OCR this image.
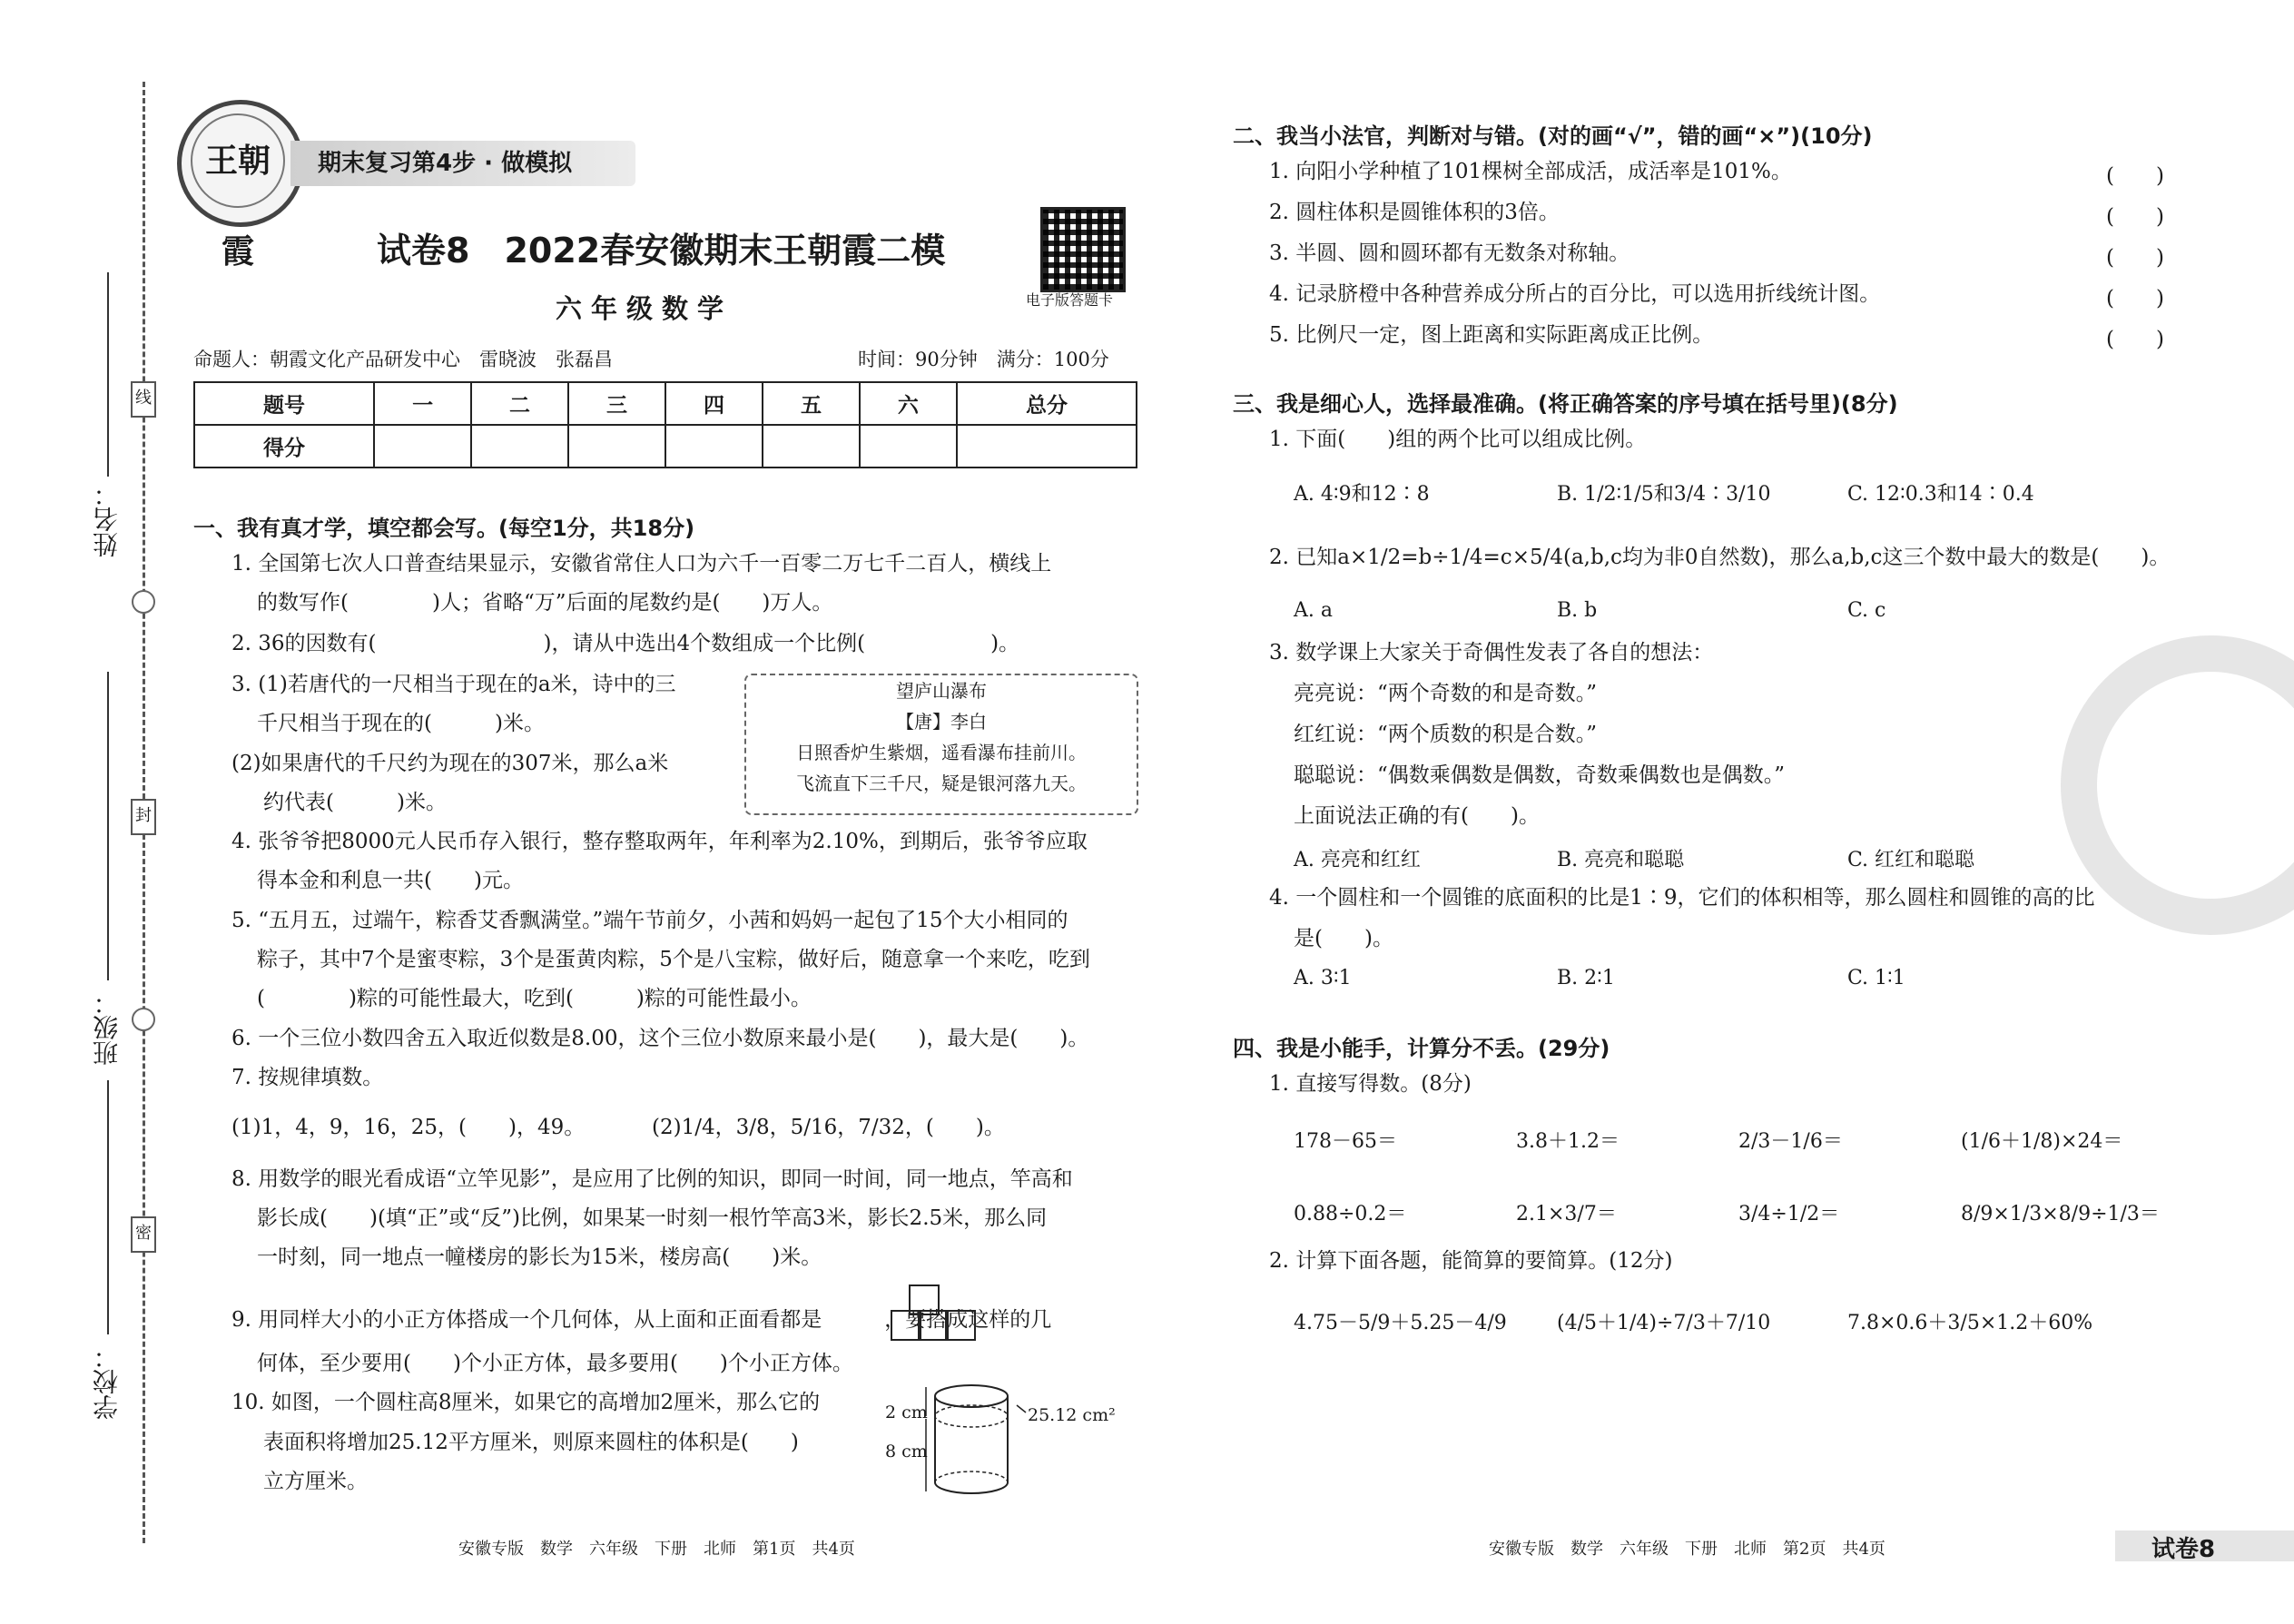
姓名：
班级：
学校：
线
封
密
王朝霞
期末复习第4步 · 做模拟
试卷8　2022春安徽期末王朝霞二模
六年级数学	电子版答题卡
命题人：朝霞文化产品研发中心　雷晓波　张磊昌	时间：90分钟　满分：100分
题号	一	二	三	四	五	六	总分
得分							
一、我有真才学，填空都会写。(每空1分，共18分)
1. 全国第七次人口普查结果显示，安徽省常住人口为六千一百零二万七千二百人，横线上
的数写作(　　　　)人；省略“万”后面的尾数约是(　　)万人。
2. 36的因数有(　　　　　　　　)，请从中选出4个数组成一个比例(　　　　　　)。
3. (1)若唐代的一尺相当于现在的a米，诗中的三
千尺相当于现在的(　　　)米。
(2)如果唐代的千尺约为现在的307米，那么a米
约代表(　　　)米。
望庐山瀑布
【唐】李白
日照香炉生紫烟，遥看瀑布挂前川。
飞流直下三千尺，疑是银河落九天。
4. 张爷爷把8000元人民币存入银行，整存整取两年，年利率为2.10%，到期后，张爷爷应取
得本金和利息一共(　　)元。
5. “五月五，过端午，粽香艾香飘满堂。”端午节前夕，小茜和妈妈一起包了15个大小相同的
粽子，其中7个是蜜枣粽，3个是蛋黄肉粽，5个是八宝粽，做好后，随意拿一个来吃，吃到
(　　　　)粽的可能性最大，吃到(　　　)粽的可能性最小。
6. 一个三位小数四舍五入取近似数是8.00，这个三位小数原来最小是(　　)，最大是(　　)。
7. 按规律填数。
(1)1，4，9，16，25，(　　)，49。	(2)1/4，3/8，5/16，7/32，(　　)。
8. 用数学的眼光看成语“立竿见影”，是应用了比例的知识，即同一时间，同一地点，竿高和
影长成(　　)(填“正”或“反”)比例，如果某一时刻一根竹竿高3米，影长2.5米，那么同
一时刻，同一地点一幢楼房的影长为15米，楼房高(　　)米。
9. 用同样大小的小正方体搭成一个几何体，从上面和正面看都是　　　，要搭成这样的几
何体，至少要用(　　)个小正方体，最多要用(　　)个小正方体。
10. 如图，一个圆柱高8厘米，如果它的高增加2厘米，那么它的
表面积将增加25.12平方厘米，则原来圆柱的体积是(　　)
立方厘米。
2 cm
8 cm
25.12 cm²
二、我当小法官，判断对与错。(对的画“√”，错的画“×”)(10分)
1. 向阳小学种植了101棵树全部成活，成活率是101%。
2. 圆柱体积是圆锥体积的3倍。
3. 半圆、圆和圆环都有无数条对称轴。
4. 记录脐橙中各种营养成分所占的百分比，可以选用折线统计图。
5. 比例尺一定，图上距离和实际距离成正比例。
(　　)
(　　)
(　　)
(　　)
(　　)
三、我是细心人，选择最准确。(将正确答案的序号填在括号里)(8分)
1. 下面(　　)组的两个比可以组成比例。
A. 4∶9和12∶8	B. 1/2∶1/5和3/4∶3/10	C. 12∶0.3和14∶0.4
2. 已知a×1/2=b÷1/4=c×5/4(a,b,c均为非0自然数)，那么a,b,c这三个数中最大的数是(　　)。
A. a	B. b	C. c
3. 数学课上大家关于奇偶性发表了各自的想法：
亮亮说：“两个奇数的和是奇数。”
红红说：“两个质数的积是合数。”
聪聪说：“偶数乘偶数是偶数，奇数乘偶数也是偶数。”
上面说法正确的有(　　)。
A. 亮亮和红红	B. 亮亮和聪聪	C. 红红和聪聪
4. 一个圆柱和一个圆锥的底面积的比是1∶9，它们的体积相等，那么圆柱和圆锥的高的比
是(　　)。
A. 3∶1	B. 2∶1	C. 1∶1
四、我是小能手，计算分不丢。(29分)
1. 直接写得数。(8分)
178－65＝	3.8＋1.2＝	2/3－1/6＝	(1/6＋1/8)×24＝
0.88÷0.2＝	2.1×3/7＝	3/4÷1/2＝	8/9×1/3×8/9÷1/3＝
2. 计算下面各题，能简算的要简算。(12分)
4.75－5/9＋5.25－4/9	(4/5＋1/4)÷7/3＋7/10	7.8×0.6＋3/5×1.2＋60%
安徽专版　数学　六年级　下册　北师　第1页　共4页	安徽专版　数学　六年级　下册　北师　第2页　共4页	试卷8
